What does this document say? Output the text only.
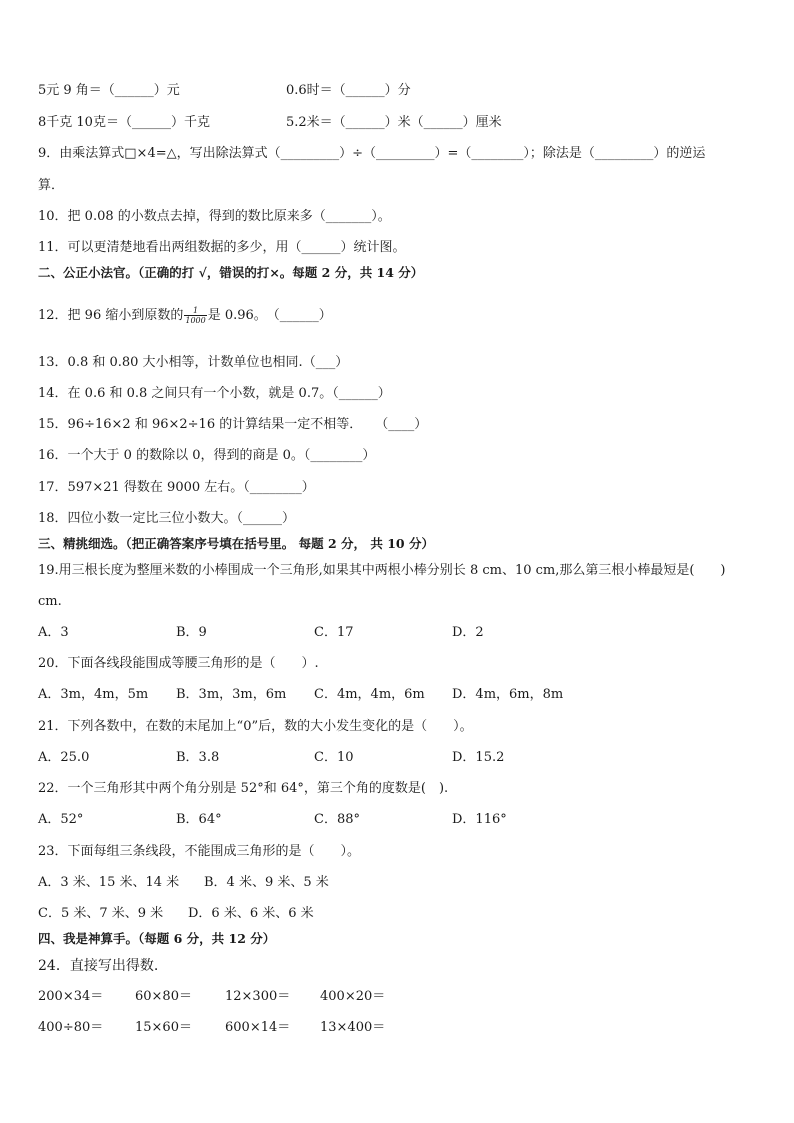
5元 9 角＝（______）元	0.6时＝（______）分
8千克 10克＝（______）千克	5.2米＝（______）米（______）厘米
9．由乘法算式□×4=△，写出除法算式（_________）÷（_________）=（________）；除法是（_________）的逆运
算．
10．把 0.08 的小数点去掉，得到的数比原来多（_______）。
11．可以更清楚地看出两组数据的多少，用（______）统计图。
二、公正小法官。（正确的打 √，错误的打×。每题 2 分，共 14 分）
12．把 96 缩小到原数的 $\frac{1}{1000}$ 是 0.96。　（______）
13．0.8 和 0.80 大小相等，计数单位也相同.（___）
14．在 0.6 和 0.8 之间只有一个小数，就是 0.7。（______）
15．96÷16×2 和 96×2÷16 的计算结果一定不相等．　　（____）
16．一个大于 0 的数除以 0，得到的商是 0。（________）
17．597×21 得数在 9000 左右。（________）
18．四位小数一定比三位小数大。（______）
三、精挑细选。（把正确答案序号填在括号里。 每题 2 分， 共 10 分）
19.用三根长度为整厘米数的小棒围成一个三角形,如果其中两根小棒分别长 8 cm、10 cm,那么第三根小棒最短是(　　)
cm.
A．3	B．9	C．17	D．2
20．下面各线段能围成等腰三角形的是（　　）.
A．3m，4m，5m B．3m，3m，6m C．4m，4m，6m D．4m，6m，8m
21．下列各数中，在数的末尾加上“0”后，数的大小发生变化的是（　　）。
A．25.0	B．3.8	C．10	D．15.2
22．一个三角形其中两个角分别是 52°和 64°，第三个角的度数是(　).
A．52°	B．64°	C．88°	D．116°
23．下面每组三条线段，不能围成三角形的是（　　）。
A．3 米、15 米、14 米 B．4 米、9 米、5 米
C．5 米、7 米、9 米 D．6 米、6 米、6 米
四、我是神算手。（每题 6 分，共 12 分）
24．直接写出得数.
200×34＝ 60×80＝	12×300＝ 400×20＝
400÷80＝ 15×60＝	600×14＝ 13×400＝
